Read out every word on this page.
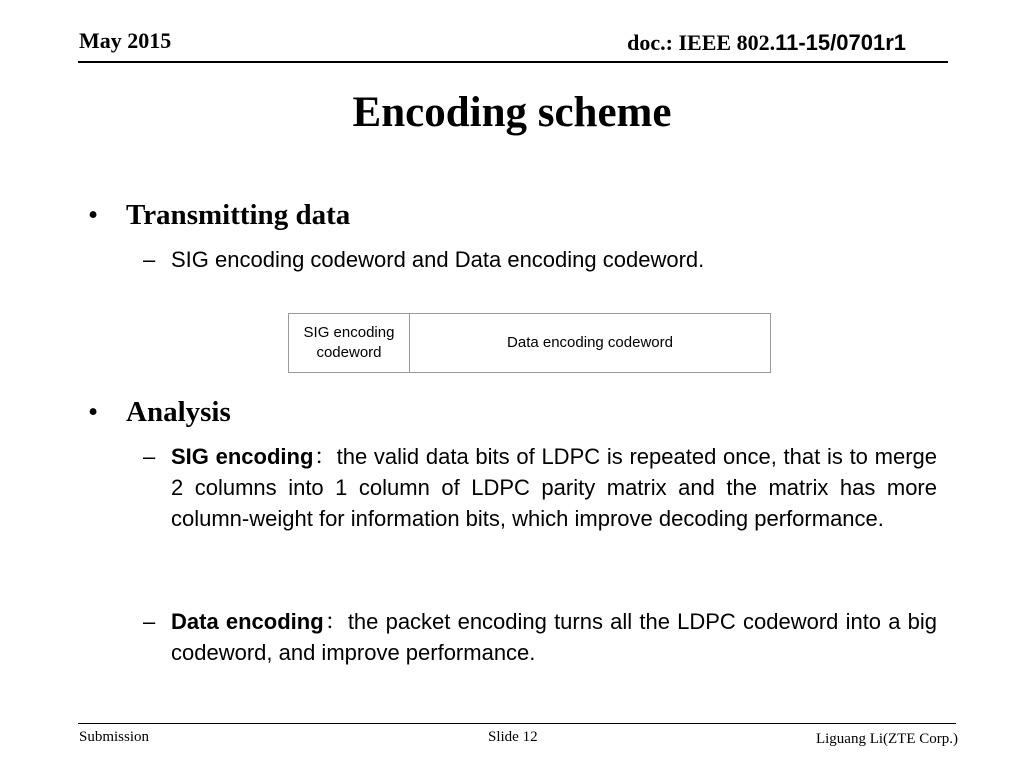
May 2015	doc.: IEEE 802.11-15/0701r1
Encoding scheme
• Transmitting data
– SIG encoding codeword and Data encoding codeword.
SIG encoding codeword
Data encoding codeword
• Analysis
– SIG encoding：the valid data bits of LDPC is repeated once, that is to merge 2 columns into 1 column of LDPC parity matrix and the matrix has more column-weight for information bits, which improve decoding performance.
– Data encoding：the packet encoding turns all the LDPC codeword into a big codeword, and improve performance.
Submission	Slide 12	Liguang Li(ZTE Corp.)
